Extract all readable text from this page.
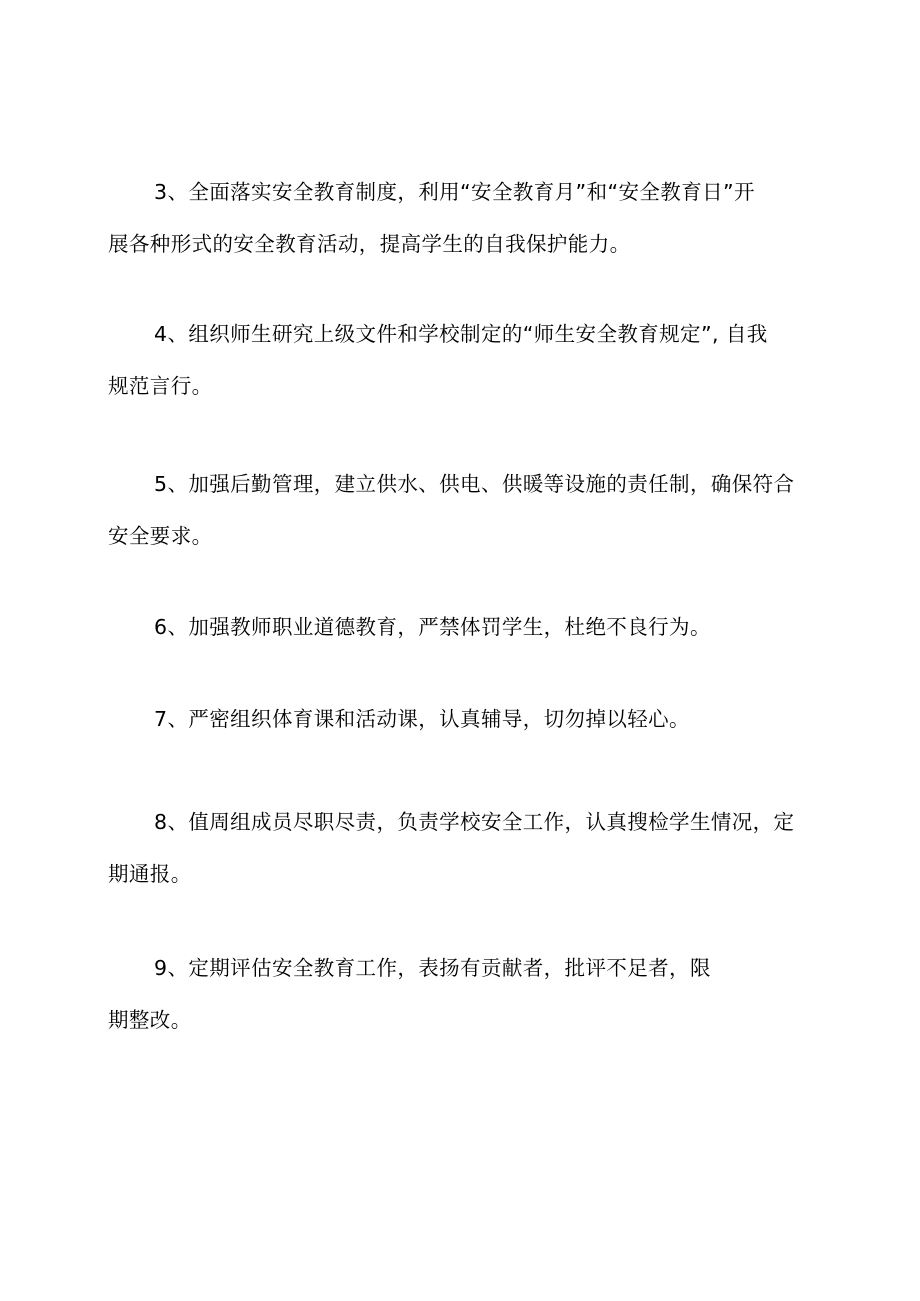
3、全面落实安全教育制度，利用“安全教育月”和“安全教育日”开
展各种形式的安全教育活动，提高学生的自我保护能力。

4、组织师生研究上级文件和学校制定的“师生安全教育规定”, 自我
规范言行。

5、加强后勤管理，建立供水、供电、供暖等设施的责任制，确保符合
安全要求。

6、加强教师职业道德教育，严禁体罚学生，杜绝不良行为。

7、严密组织体育课和活动课，认真辅导，切勿掉以轻心。

8、值周组成员尽职尽责，负责学校安全工作，认真搜检学生情况，定
期通报。

9、定期评估安全教育工作，表扬有贡献者，批评不足者，限
期整改。
